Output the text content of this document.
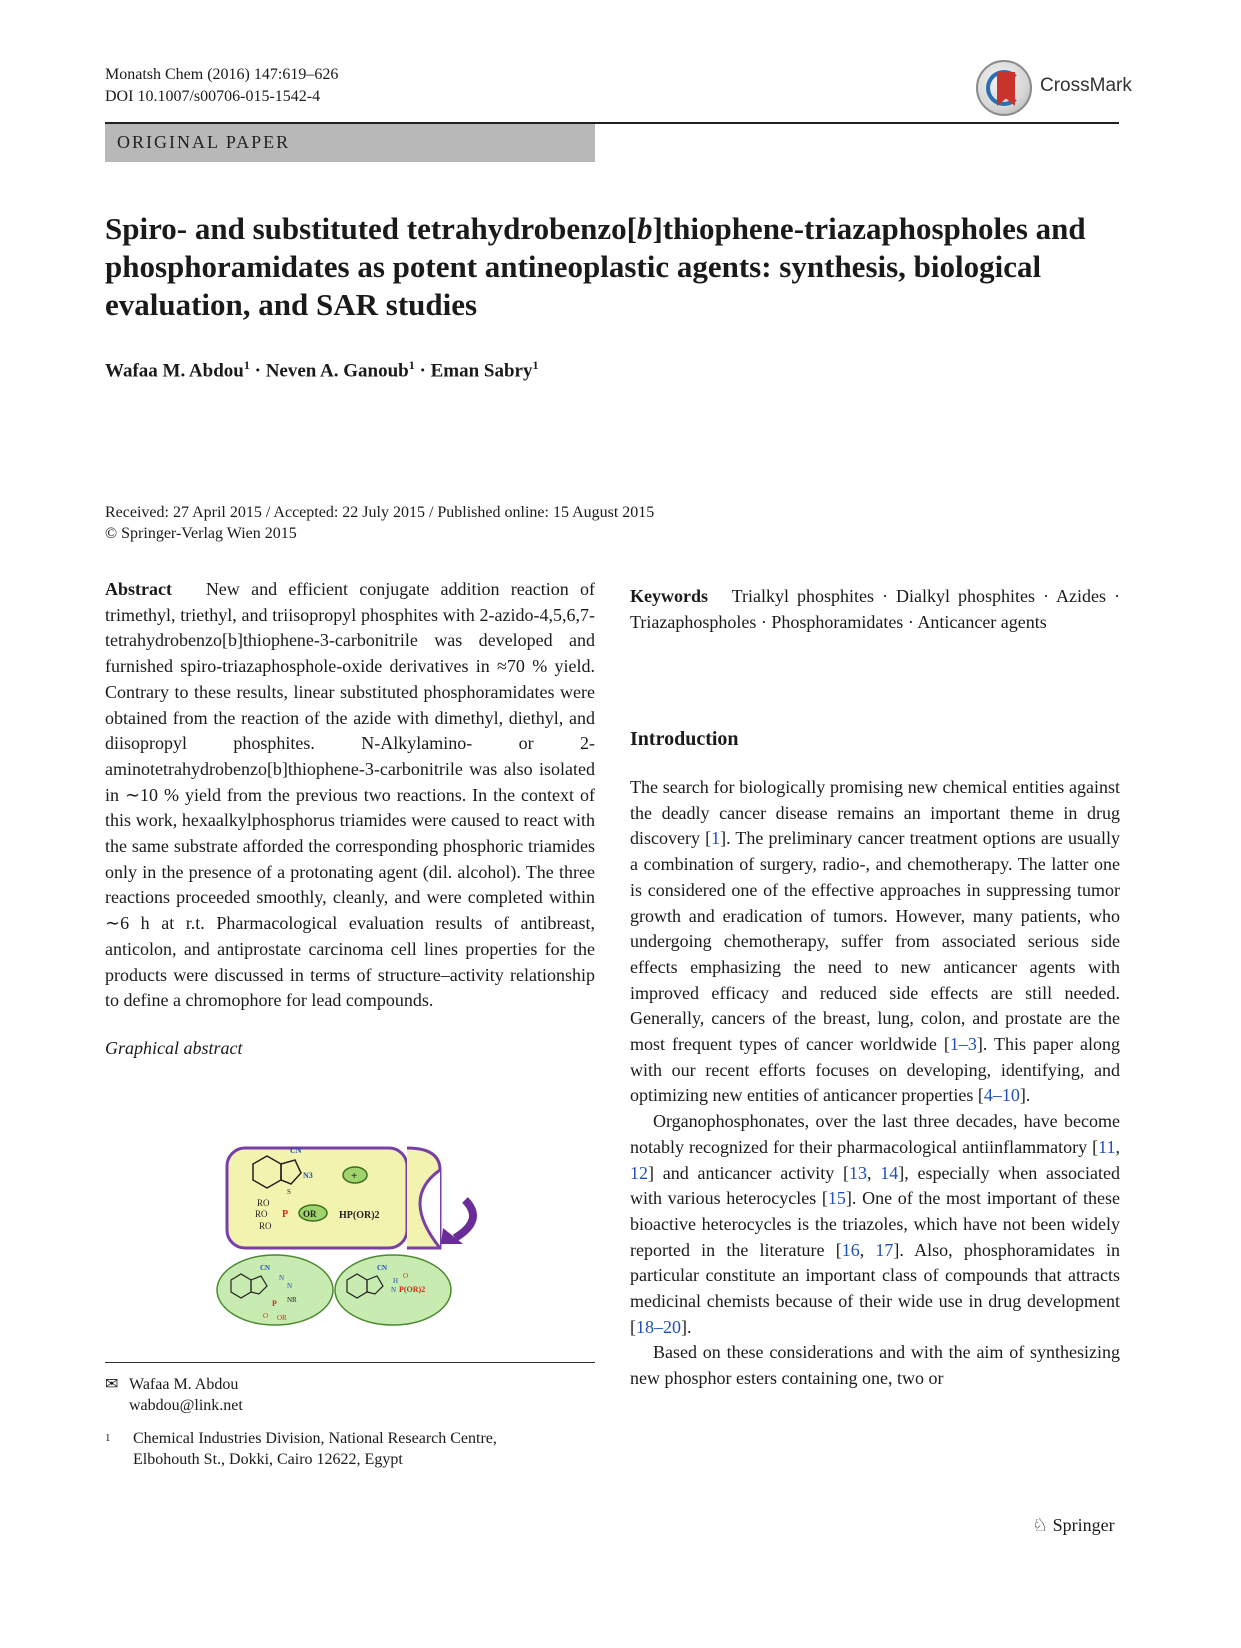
Monatsh Chem (2016) 147:619–626
DOI 10.1007/s00706-015-1542-4
CrossMark
ORIGINAL PAPER
Spiro- and substituted tetrahydrobenzo[b]thiophene-triazaphospholes and phosphoramidates as potent antineoplastic agents: synthesis, biological evaluation, and SAR studies
Wafaa M. Abdou$^1$ · Neven A. Ganoub$^1$ · Eman Sabry$^1$
Received: 27 April 2015 / Accepted: 22 July 2015 / Published online: 15 August 2015
© Springer-Verlag Wien 2015

Abstract New and efficient conjugate addition reaction of trimethyl, triethyl, and triisopropyl phosphites with 2-azido-4,5,6,7-tetrahydrobenzo[b]thiophene-3-carbonitrile was developed and furnished spiro-triazaphosphole-oxide derivatives in ≈70 % yield. Contrary to these results, linear substituted phosphoramidates were obtained from the reaction of the azide with dimethyl, diethyl, and diisopropyl phosphites. N-Alkylamino- or 2-aminotetrahydrobenzo[b]thiophene-3-carbonitrile was also isolated in ∼10 % yield from the previous two reactions. In the context of this work, hexaalkylphosphorus triamides were caused to react with the same substrate afforded the corresponding phosphoric triamides only in the presence of a protonating agent (dil. alcohol). The three reactions proceeded smoothly, cleanly, and were completed within ∼6 h at r.t. Pharmacological evaluation results of antibreast, anticolon, and antiprostate carcinoma cell lines properties for the products were discussed in terms of structure–activity relationship to define a chromophore for lead compounds.

Graphical abstract

CN
N3
S
+
RO
RO
RO
P OR HP(OR)2
CN
N
N
NR
P
O OR
CN
H
N P(OR)2
O
✉ Wafaa M. Abdou
wabdou@link.net
$^1$ Chemical Industries Division, National Research Centre,
Elbohouth St., Dokki, Cairo 12622, Egypt

Keywords Trialkyl phosphites · Dialkyl phosphites · Azides · Triazaphospholes · Phosphoramidates · Anticancer agents

Introduction

The search for biologically promising new chemical entities against the deadly cancer disease remains an important theme in drug discovery [1]. The preliminary cancer treatment options are usually a combination of surgery, radio-, and chemotherapy. The latter one is considered one of the effective approaches in suppressing tumor growth and eradication of tumors. However, many patients, who undergoing chemotherapy, suffer from associated serious side effects emphasizing the need to new anticancer agents with improved efficacy and reduced side effects are still needed. Generally, cancers of the breast, lung, colon, and prostate are the most frequent types of cancer worldwide [1–3]. This paper along with our recent efforts focuses on developing, identifying, and optimizing new entities of anticancer properties [4–10].

Organophosphonates, over the last three decades, have become notably recognized for their pharmacological antiinflammatory [11, 12] and anticancer activity [13, 14], especially when associated with various heterocycles [15]. One of the most important of these bioactive heterocycles is the triazoles, which have not been widely reported in the literature [16, 17]. Also, phosphoramidates in particular constitute an important class of compounds that attracts medicinal chemists because of their wide use in drug development [18–20].

Based on these considerations and with the aim of synthesizing new phosphor esters containing one, two or

♘ Springer
